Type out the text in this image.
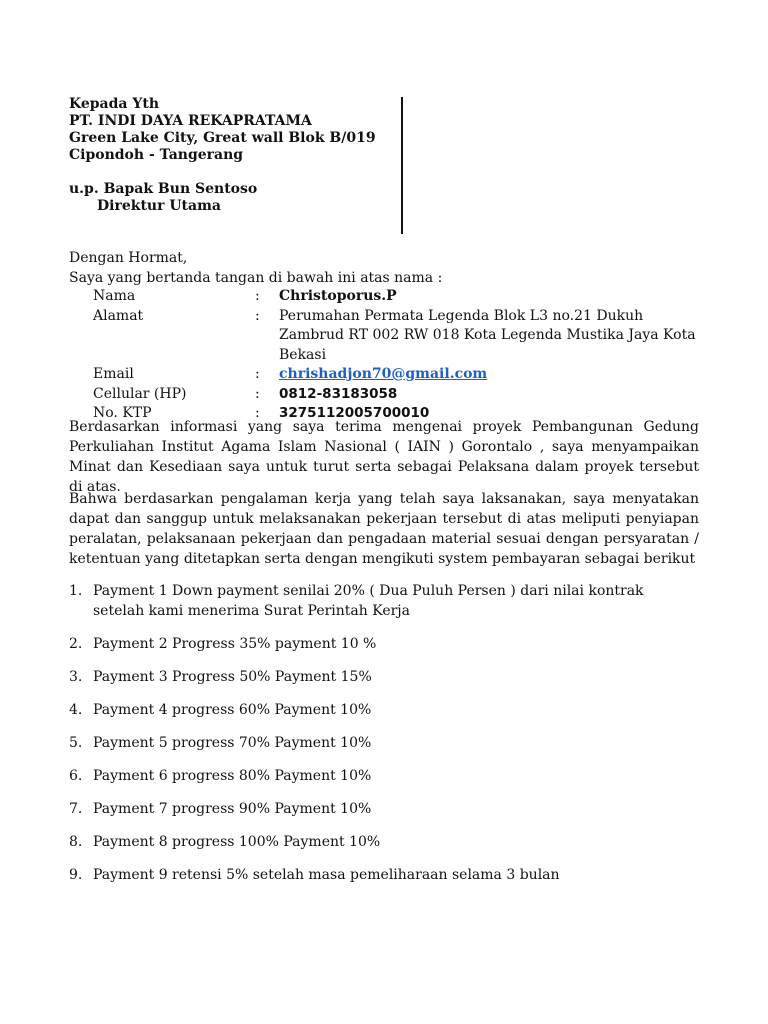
Kepada Yth
PT. INDI DAYA REKAPRATAMA
Green Lake City, Great wall Blok B/019
Cipondoh - Tangerang
u.p. Bapak Bun Sentoso
Direktur Utama
Dengan Hormat,
Saya yang bertanda tangan di bawah ini atas nama :
Nama	:	Christoporus.P
Alamat	:	Perumahan Permata Legenda Blok L3 no.21 Dukuh Zambrud RT 002 RW 018 Kota Legenda Mustika Jaya Kota Bekasi
Email	:	chrishadjon70@gmail.com
Cellular (HP)	:	0812-83183058
No. KTP	:	3275112005700010
Berdasarkan informasi yang saya terima mengenai proyek Pembangunan Gedung Perkuliahan Institut Agama Islam Nasional ( IAIN ) Gorontalo , saya menyampaikan Minat dan Kesediaan saya untuk turut serta sebagai Pelaksana dalam proyek tersebut di atas.
Bahwa berdasarkan pengalaman kerja yang telah saya laksanakan, saya menyatakan dapat dan sanggup untuk melaksanakan pekerjaan tersebut di atas meliputi penyiapan peralatan, pelaksanaan pekerjaan dan pengadaan material sesuai dengan persyaratan / ketentuan yang ditetapkan serta dengan mengikuti system pembayaran sebagai berikut
1. Payment 1 Down payment senilai 20% ( Dua Puluh Persen ) dari nilai kontrak setelah kami menerima Surat Perintah Kerja
2. Payment 2 Progress 35% payment 10 %
3. Payment 3 Progress 50% Payment 15%
4. Payment 4 progress 60% Payment 10%
5. Payment 5 progress 70% Payment 10%
6. Payment 6 progress 80% Payment 10%
7. Payment 7 progress 90% Payment 10%
8. Payment 8 progress 100% Payment 10%
9. Payment 9 retensi 5% setelah masa pemeliharaan selama 3 bulan
